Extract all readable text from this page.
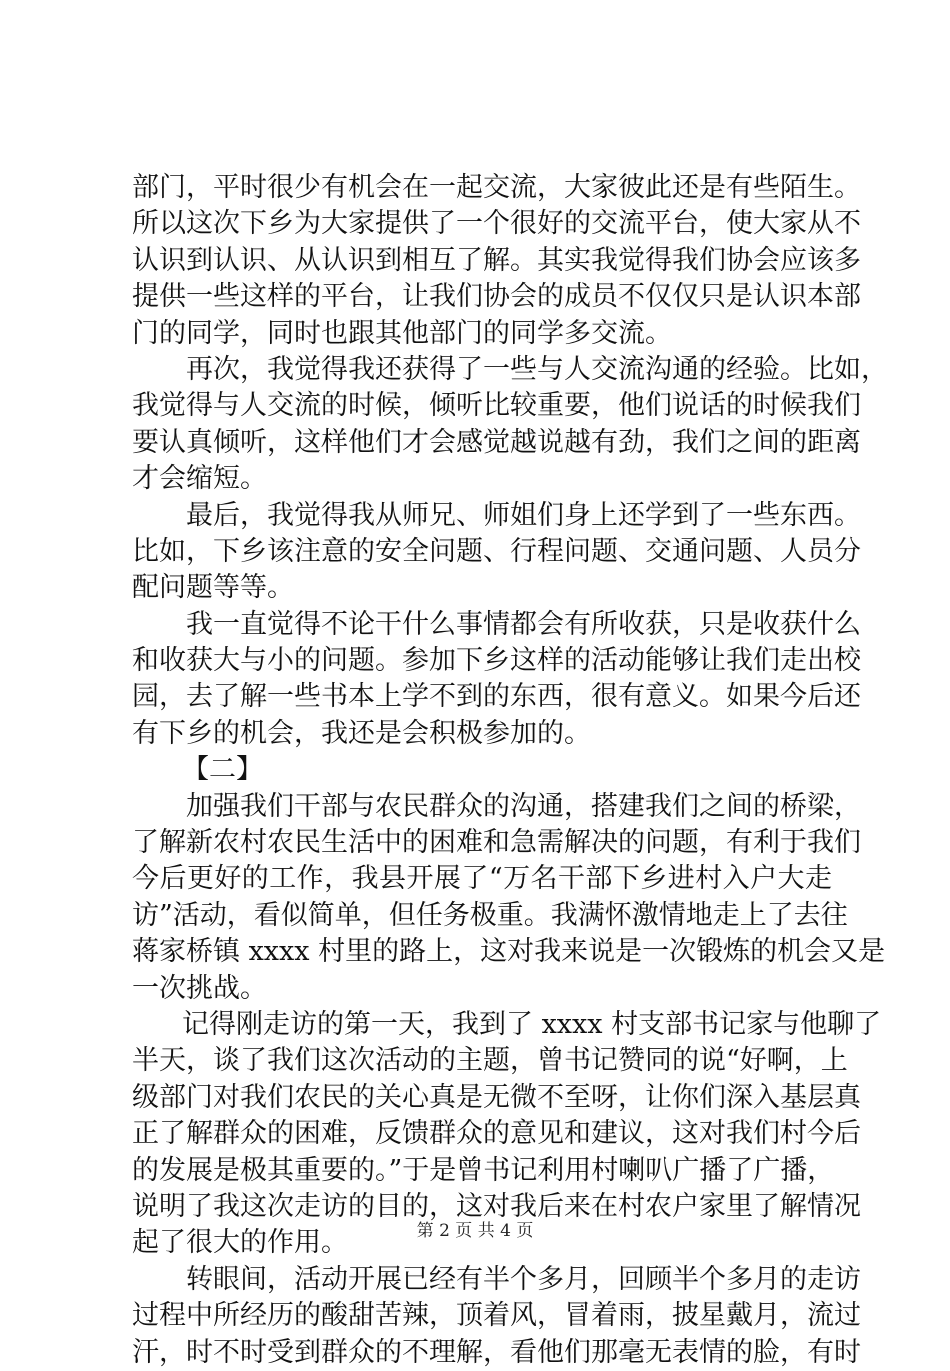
部门，平时很少有机会在一起交流，大家彼此还是有些陌生。
所以这次下乡为大家提供了一个很好的交流平台，使大家从不
认识到认识、从认识到相互了解。其实我觉得我们协会应该多
提供一些这样的平台，让我们协会的成员不仅仅只是认识本部
门的同学，同时也跟其他部门的同学多交流。
再次，我觉得我还获得了一些与人交流沟通的经验。比如，
我觉得与人交流的时候，倾听比较重要，他们说话的时候我们
要认真倾听，这样他们才会感觉越说越有劲，我们之间的距离
才会缩短。
最后，我觉得我从师兄、师姐们身上还学到了一些东西。
比如，下乡该注意的安全问题、行程问题、交通问题、人员分
配问题等等。
我一直觉得不论干什么事情都会有所收获，只是收获什么
和收获大与小的问题。参加下乡这样的活动能够让我们走出校
园，去了解一些书本上学不到的东西，很有意义。如果今后还
有下乡的机会，我还是会积极参加的。
【二】
加强我们干部与农民群众的沟通，搭建我们之间的桥梁，
了解新农村农民生活中的困难和急需解决的问题，有利于我们
今后更好的工作，我县开展了“万名干部下乡进村入户大走
访”活动，看似简单，但任务极重。我满怀激情地走上了去往
蒋家桥镇 xxxx 村里的路上，这对我来说是一次锻炼的机会又是
一次挑战。
记得刚走访的第一天，我到了 xxxx 村支部书记家与他聊了
半天，谈了我们这次活动的主题，曾书记赞同的说“好啊，上
级部门对我们农民的关心真是无微不至呀，让你们深入基层真
正了解群众的困难，反馈群众的意见和建议，这对我们村今后
的发展是极其重要的。”于是曾书记利用村喇叭广播了广播，
说明了我这次走访的目的，这对我后来在村农户家里了解情况
起了很大的作用。
转眼间，活动开展已经有半个多月，回顾半个多月的走访
过程中所经历的酸甜苦辣，顶着风，冒着雨，披星戴月，流过
汗，时不时受到群众的不理解，看他们那毫无表情的脸，有时
第 2 页 共 4 页
